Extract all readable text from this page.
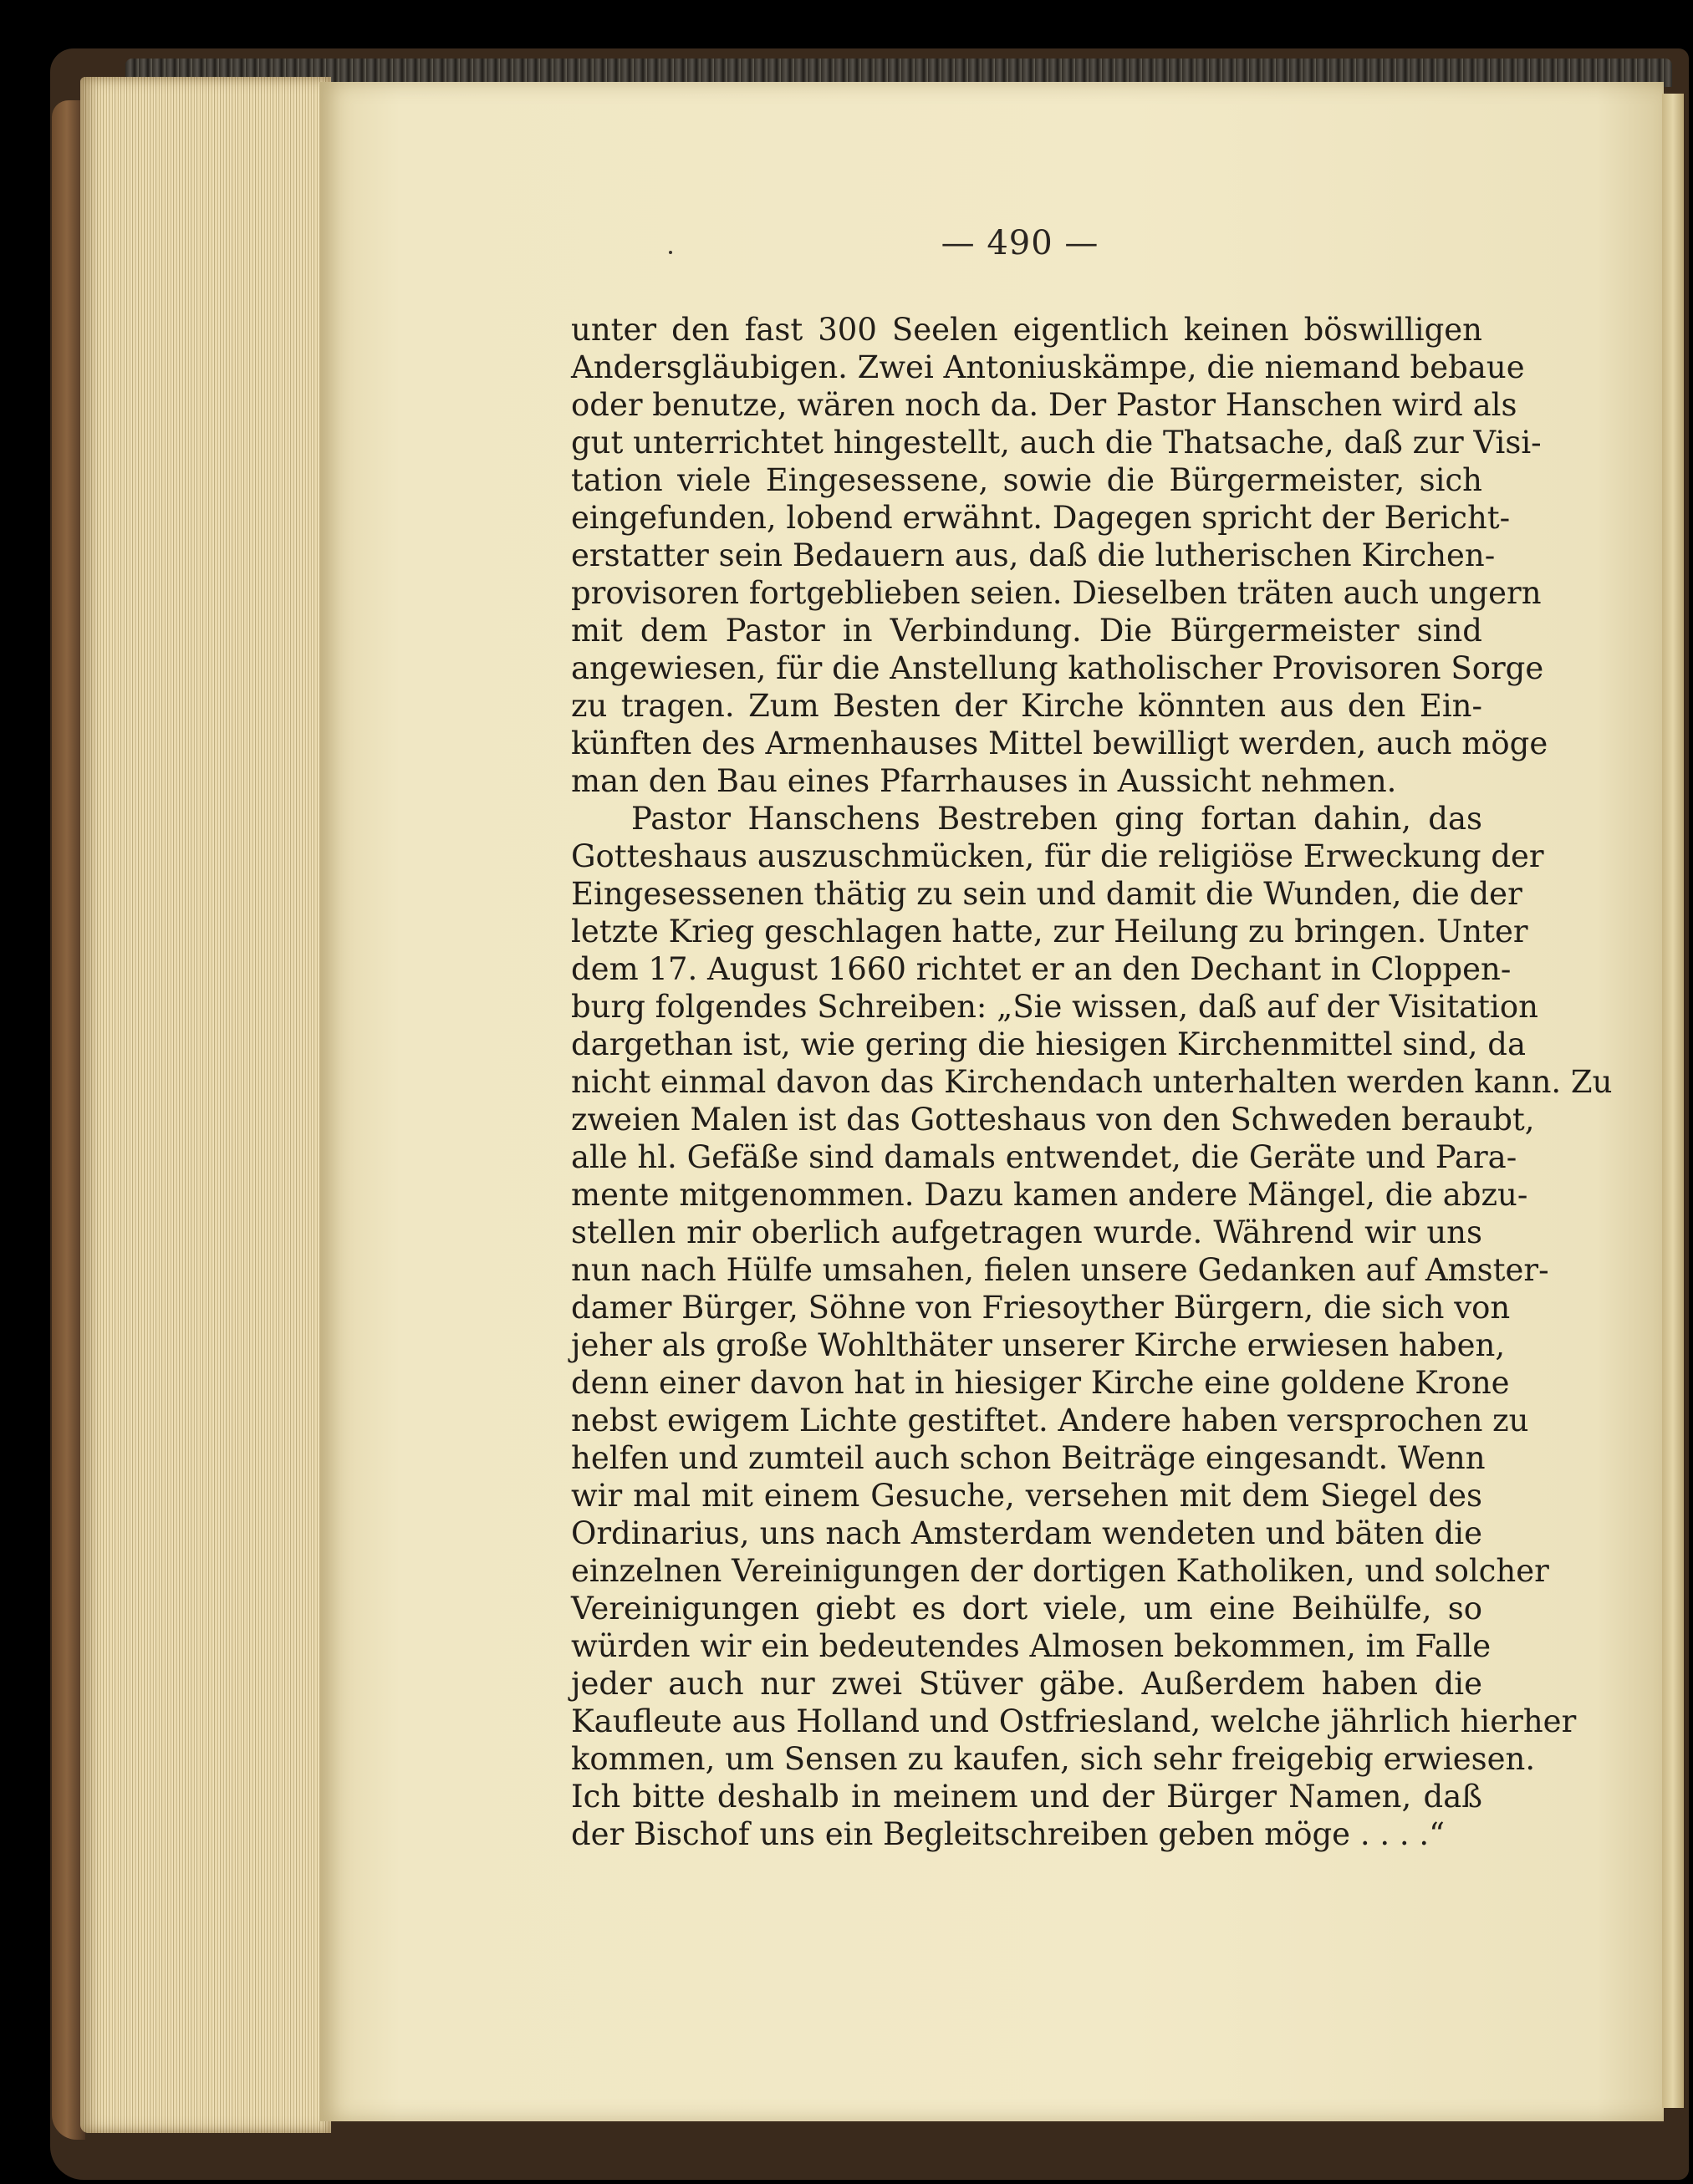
— 490 —
unter den fast 300 Seelen eigentlich keinen böswilligen
Andersgläubigen. Zwei Antoniuskämpe, die niemand bebaue
oder benutze, wären noch da. Der Pastor Hanschen wird als
gut unterrichtet hingestellt, auch die Thatsache, daß zur Visi-
tation viele Eingesessene, sowie die Bürgermeister, sich
eingefunden, lobend erwähnt. Dagegen spricht der Bericht-
erstatter sein Bedauern aus, daß die lutherischen Kirchen-
provisoren fortgeblieben seien. Dieselben träten auch ungern
mit dem Pastor in Verbindung. Die Bürgermeister sind
angewiesen, für die Anstellung katholischer Provisoren Sorge
zu tragen. Zum Besten der Kirche könnten aus den Ein-
künften des Armenhauses Mittel bewilligt werden, auch möge
man den Bau eines Pfarrhauses in Aussicht nehmen.
Pastor Hanschens Bestreben ging fortan dahin, das
Gotteshaus auszuschmücken, für die religiöse Erweckung der
Eingesessenen thätig zu sein und damit die Wunden, die der
letzte Krieg geschlagen hatte, zur Heilung zu bringen. Unter
dem 17. August 1660 richtet er an den Dechant in Cloppen-
burg folgendes Schreiben: „Sie wissen, daß auf der Visitation
dargethan ist, wie gering die hiesigen Kirchenmittel sind, da
nicht einmal davon das Kirchendach unterhalten werden kann. Zu
zweien Malen ist das Gotteshaus von den Schweden beraubt,
alle hl. Gefäße sind damals entwendet, die Geräte und Para-
mente mitgenommen. Dazu kamen andere Mängel, die abzu-
stellen mir oberlich aufgetragen wurde. Während wir uns
nun nach Hülfe umsahen, fielen unsere Gedanken auf Amster-
damer Bürger, Söhne von Friesoyther Bürgern, die sich von
jeher als große Wohlthäter unserer Kirche erwiesen haben,
denn einer davon hat in hiesiger Kirche eine goldene Krone
nebst ewigem Lichte gestiftet. Andere haben versprochen zu
helfen und zumteil auch schon Beiträge eingesandt. Wenn
wir mal mit einem Gesuche, versehen mit dem Siegel des
Ordinarius, uns nach Amsterdam wendeten und bäten die
einzelnen Vereinigungen der dortigen Katholiken, und solcher
Vereinigungen giebt es dort viele, um eine Beihülfe, so
würden wir ein bedeutendes Almosen bekommen, im Falle
jeder auch nur zwei Stüver gäbe. Außerdem haben die
Kaufleute aus Holland und Ostfriesland, welche jährlich hierher
kommen, um Sensen zu kaufen, sich sehr freigebig erwiesen.
Ich bitte deshalb in meinem und der Bürger Namen, daß
der Bischof uns ein Begleitschreiben geben möge . . . .“
